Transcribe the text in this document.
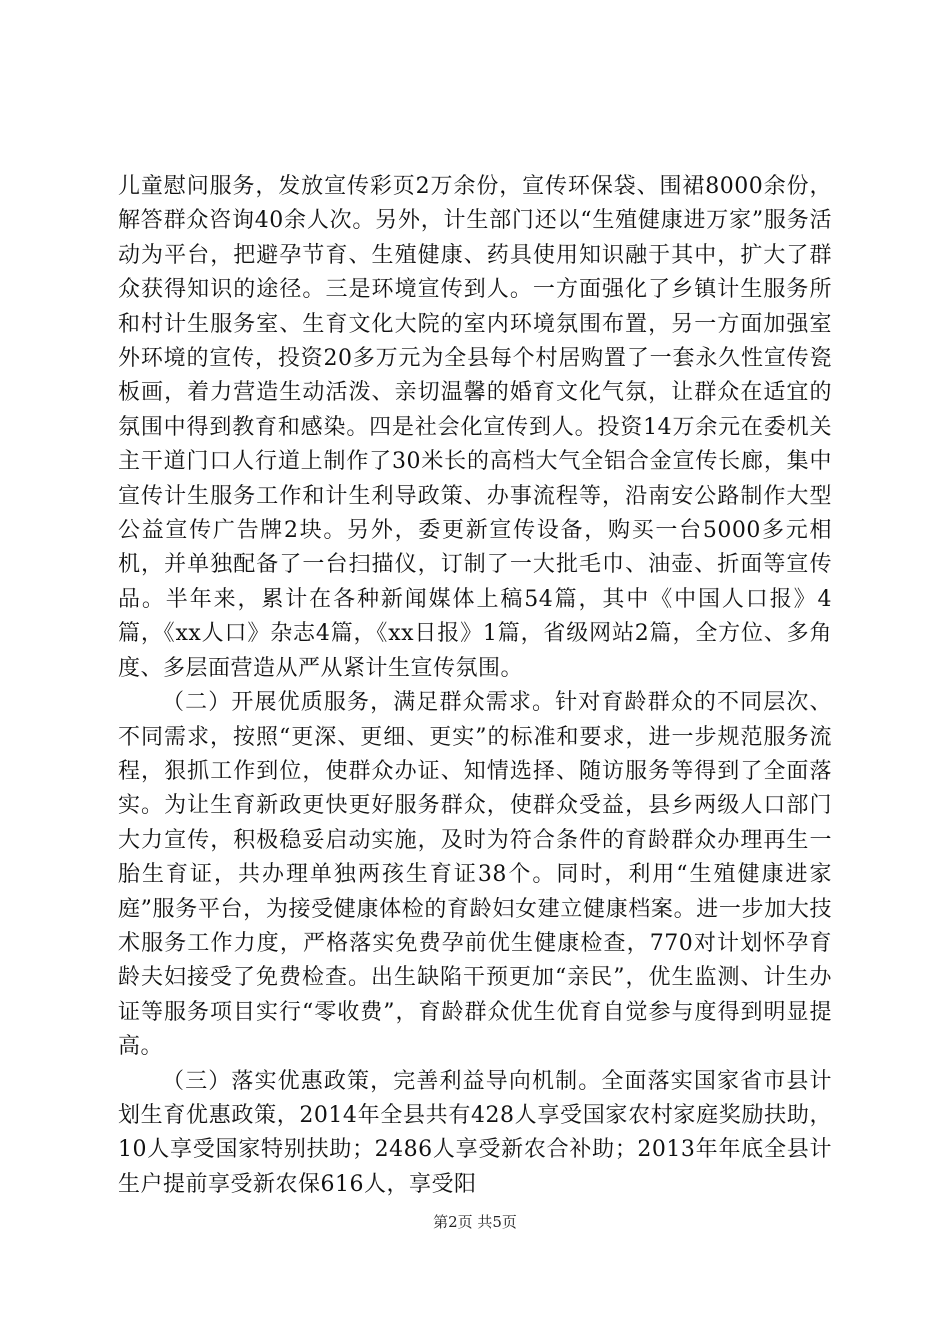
儿童慰问服务，发放宣传彩页2万余份，宣传环保袋、围裙8000余份，解答群众咨询40余人次。另外，计生部门还以“生殖健康进万家”服务活动为平台，把避孕节育、生殖健康、药具使用知识融于其中，扩大了群众获得知识的途径。三是环境宣传到人。一方面强化了乡镇计生服务所和村计生服务室、生育文化大院的室内环境氛围布置，另一方面加强室外环境的宣传，投资20多万元为全县每个村居购置了一套永久性宣传瓷板画，着力营造生动活泼、亲切温馨的婚育文化气氛，让群众在适宜的氛围中得到教育和感染。四是社会化宣传到人。投资14万余元在委机关主干道门口人行道上制作了30米长的高档大气全铝合金宣传长廊，集中宣传计生服务工作和计生利导政策、办事流程等，沿南安公路制作大型公益宣传广告牌2块。另外，委更新宣传设备，购买一台5000多元相机，并单独配备了一台扫描仪，订制了一大批毛巾、油壶、折面等宣传品。半年来，累计在各种新闻媒体上稿54篇，其中《中国人口报》4篇，《xx人口》杂志4篇，《xx日报》1篇，省级网站2篇，全方位、多角度、多层面营造从严从紧计生宣传氛围。

（二）开展优质服务，满足群众需求。针对育龄群众的不同层次、不同需求，按照“更深、更细、更实”的标准和要求，进一步规范服务流程，狠抓工作到位，使群众办证、知情选择、随访服务等得到了全面落实。为让生育新政更快更好服务群众，使群众受益，县乡两级人口部门大力宣传，积极稳妥启动实施，及时为符合条件的育龄群众办理再生一胎生育证，共办理单独两孩生育证38个。同时，利用“生殖健康进家庭”服务平台，为接受健康体检的育龄妇女建立健康档案。进一步加大技术服务工作力度，严格落实免费孕前优生健康检查，770对计划怀孕育龄夫妇接受了免费检查。出生缺陷干预更加“亲民”，优生监测、计生办证等服务项目实行“零收费”，育龄群众优生优育自觉参与度得到明显提高。

（三）落实优惠政策，完善利益导向机制。全面落实国家省市县计划生育优惠政策，2014年全县共有428人享受国家农村家庭奖励扶助，10人享受国家特别扶助；2486人享受新农合补助；2013年年底全县计生户提前享受新农保616人，享受阳

第2页 共5页
